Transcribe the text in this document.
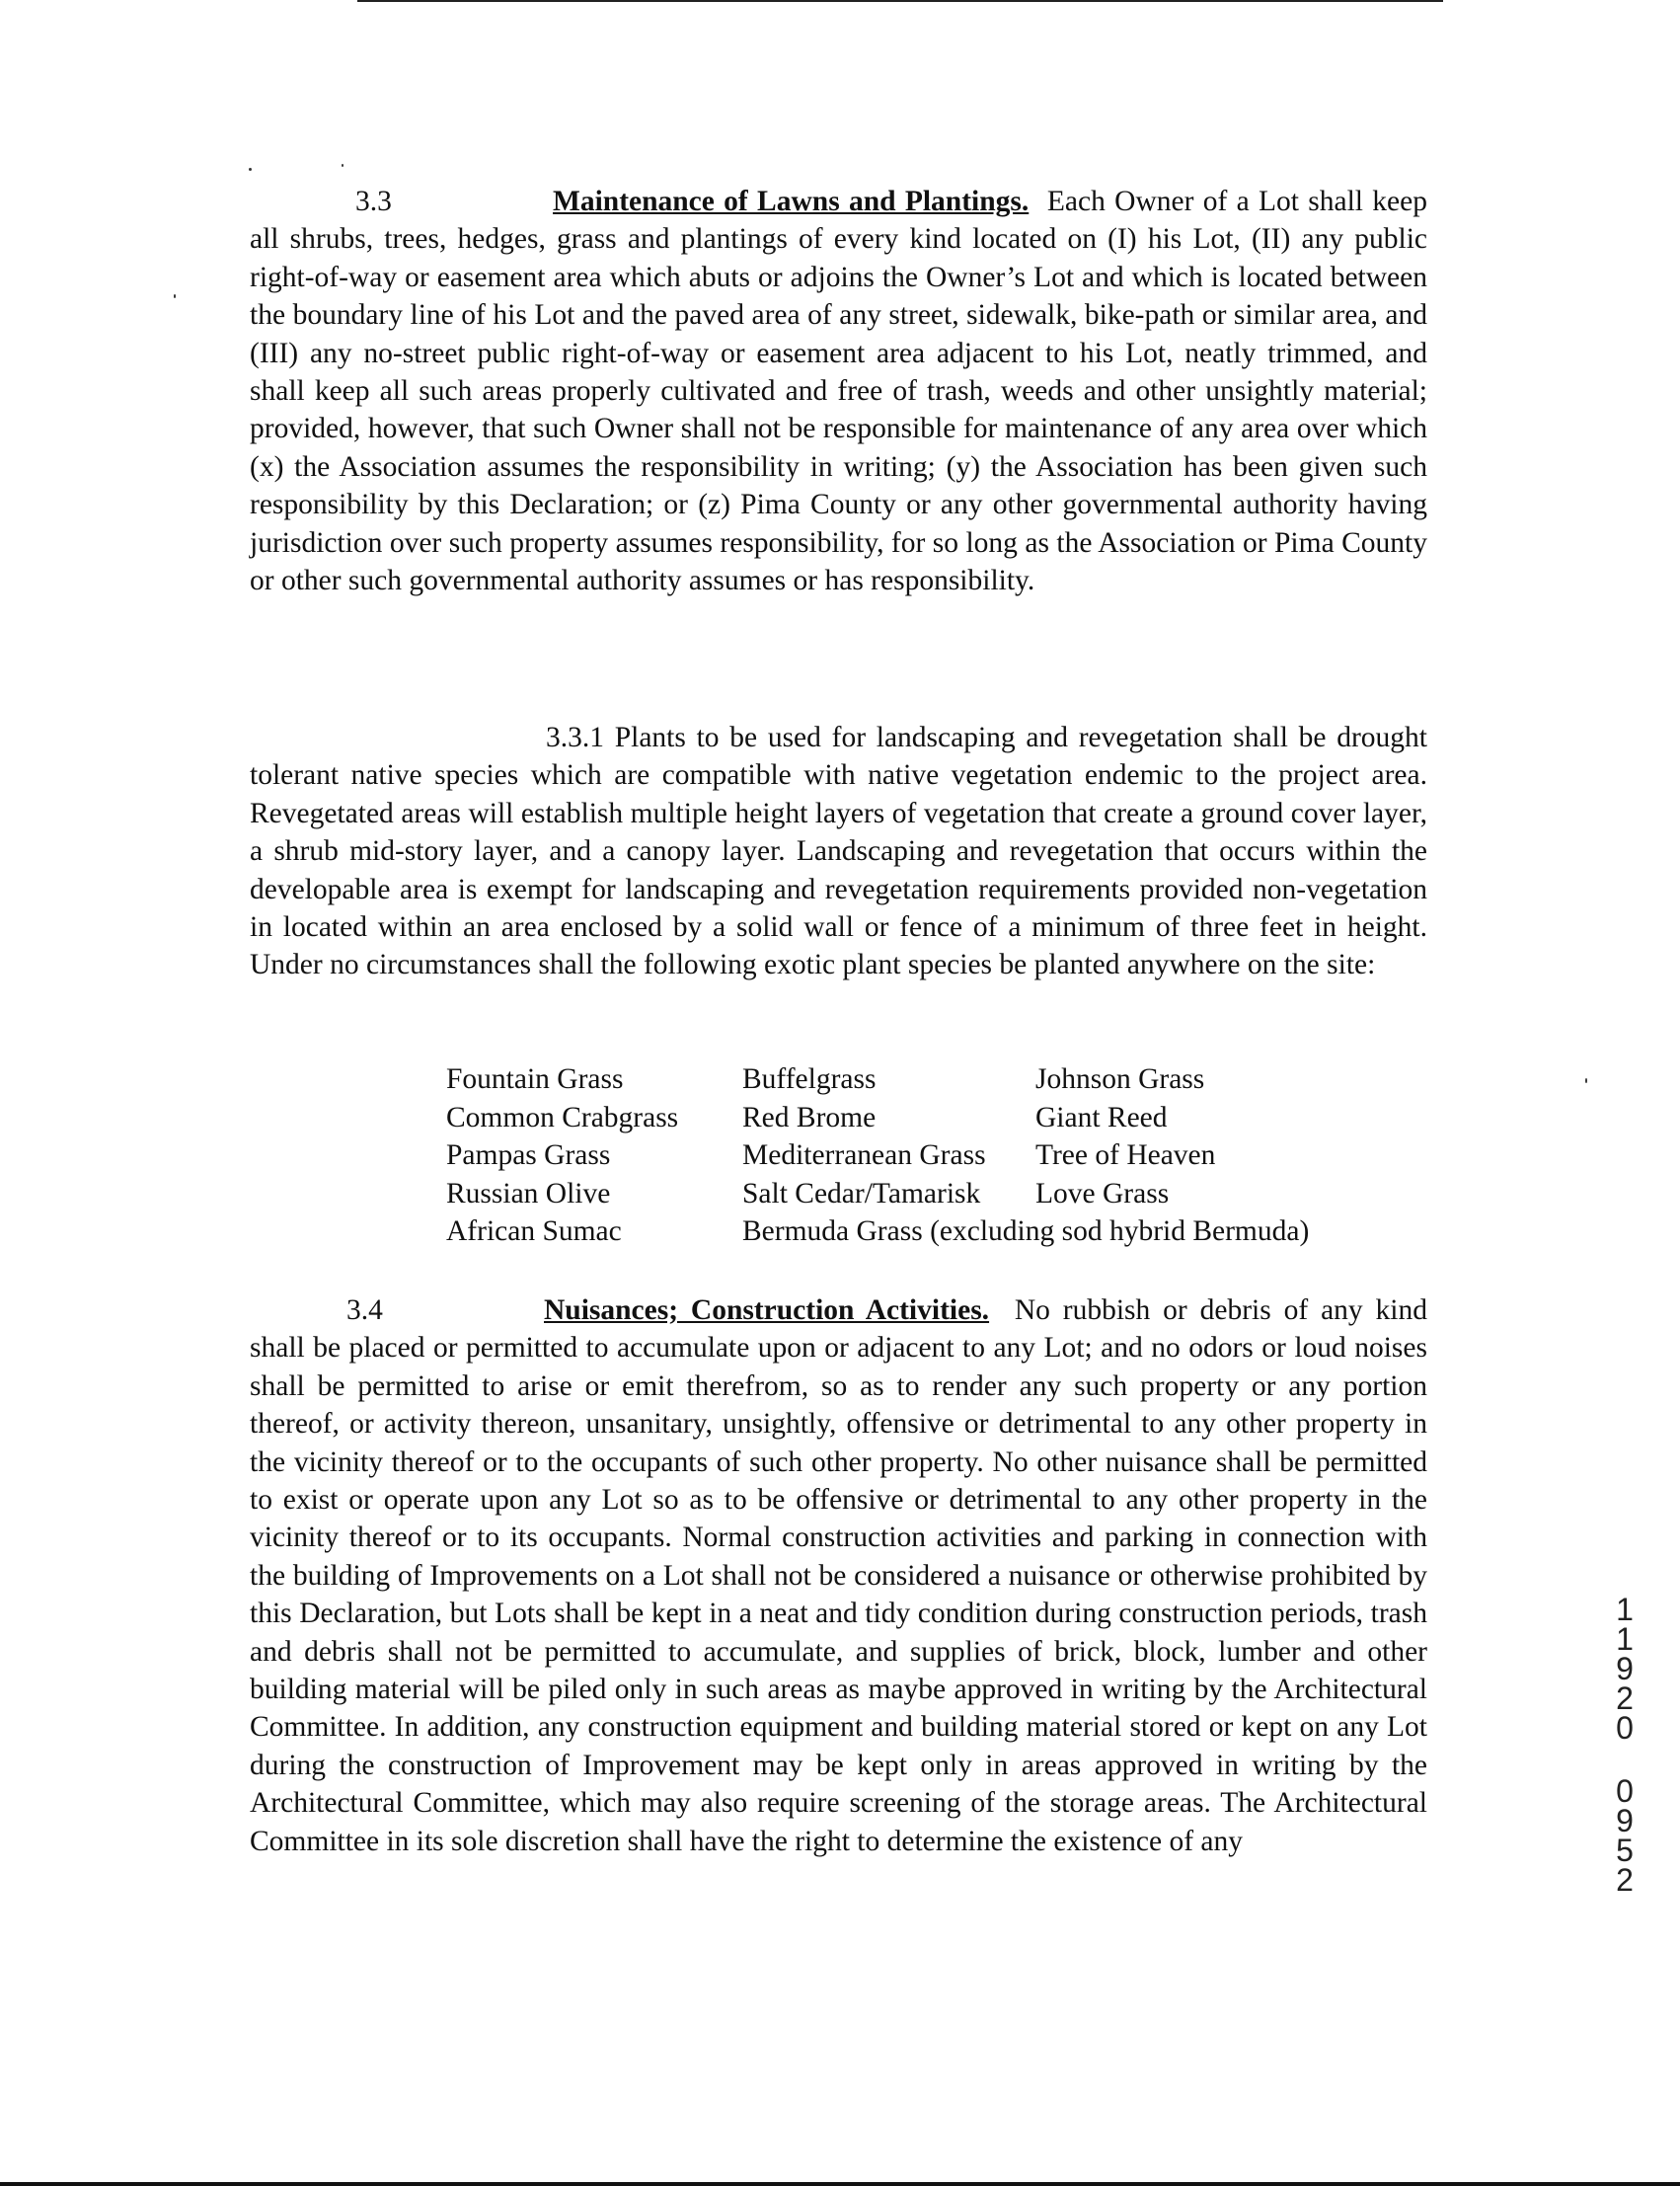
3.3	Maintenance of Lawns and Plantings. Each Owner of a Lot shall keep all shrubs, trees, hedges, grass and plantings of every kind located on (I) his Lot, (II) any public right-of-way or easement area which abuts or adjoins the Owner’s Lot and which is located between the boundary line of his Lot and the paved area of any street, sidewalk, bike-path or similar area, and (III) any no-street public right-of-way or easement area adjacent to his Lot, neatly trimmed, and shall keep all such areas properly cultivated and free of trash, weeds and other unsightly material; provided, however, that such Owner shall not be responsible for maintenance of any area over which (x) the Association assumes the responsibility in writing; (y) the Association has been given such responsibility by this Declaration; or (z) Pima County or any other governmental authority having jurisdiction over such property assumes responsibility, for so long as the Association or Pima County or other such governmental authority assumes or has responsibility.

3.3.1 Plants to be used for landscaping and revegetation shall be drought tolerant native species which are compatible with native vegetation endemic to the project area. Revegetated areas will establish multiple height layers of vegetation that create a ground cover layer, a shrub mid-story layer, and a canopy layer. Landscaping and revegetation that occurs within the developable area is exempt for landscaping and revegetation requirements provided non-vegetation in located within an area enclosed by a solid wall or fence of a minimum of three feet in height. Under no circumstances shall the following exotic plant species be planted anywhere on the site:

Fountain Grass	Buffelgrass	Johnson Grass
Common Crabgrass	Red Brome	Giant Reed
Pampas Grass	Mediterranean Grass	Tree of Heaven
Russian Olive	Salt Cedar/Tamarisk	Love Grass
African Sumac	Bermuda Grass (excluding sod hybrid Bermuda)	

3.4	Nuisances; Construction Activities. No rubbish or debris of any kind shall be placed or permitted to accumulate upon or adjacent to any Lot; and no odors or loud noises shall be permitted to arise or emit therefrom, so as to render any such property or any portion thereof, or activity thereon, unsanitary, unsightly, offensive or detrimental to any other property in the vicinity thereof or to the occupants of such other property. No other nuisance shall be permitted to exist or operate upon any Lot so as to be offensive or detrimental to any other property in the vicinity thereof or to its occupants. Normal construction activities and parking in connection with the building of Improvements on a Lot shall not be considered a nuisance or otherwise prohibited by this Declaration, but Lots shall be kept in a neat and tidy condition during construction periods, trash and debris shall not be permitted to accumulate, and supplies of brick, block, lumber and other building material will be piled only in such areas as maybe approved in writing by the Architectural Committee. In addition, any construction equipment and building material stored or kept on any Lot during the construction of Improvement may be kept only in areas approved in writing by the Architectural Committee, which may also require screening of the storage areas. The Architectural Committee in its sole discretion shall have the right to determine the existence of any

11920
0952
